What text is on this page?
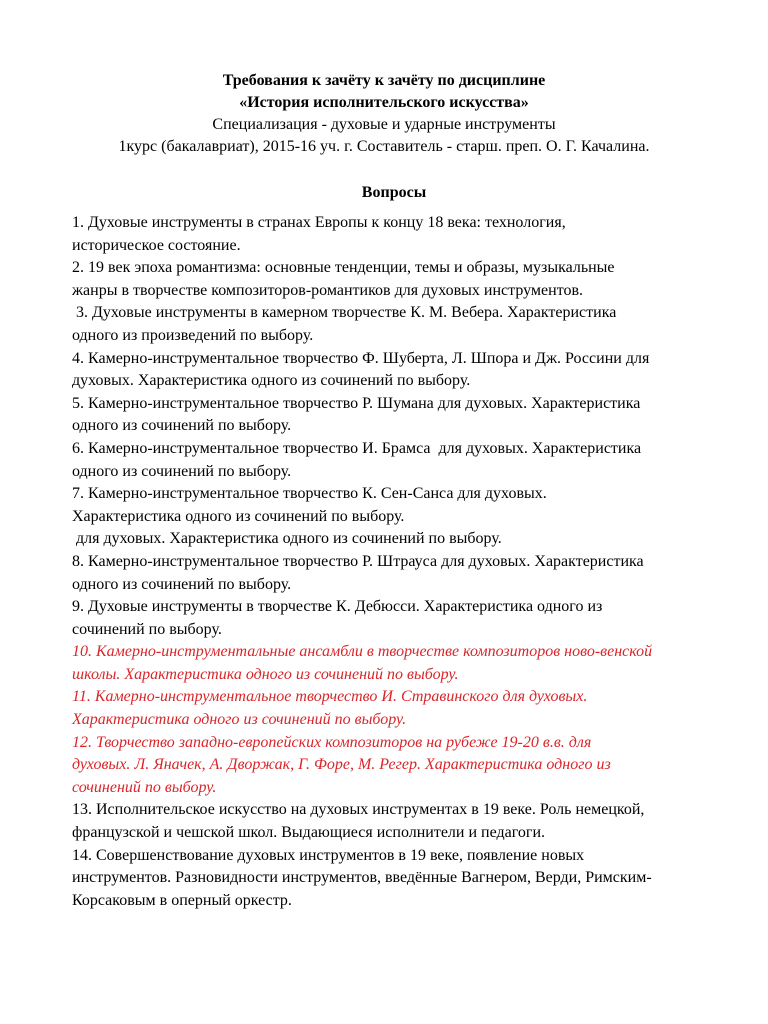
Требования к зачёту к зачёту по дисциплине
«История исполнительского искусства»
Специализация - духовые и ударные инструменты
1курс (бакалавриат), 2015-16 уч. г. Составитель - старш. преп. О. Г. Качалина.
Вопросы
1. Духовые инструменты в странах Европы к концу 18 века: технология,
историческое состояние.
2. 19 век эпоха романтизма: основные тенденции, темы и образы, музыкальные
жанры в творчестве композиторов-романтиков для духовых инструментов.
3. Духовые инструменты в камерном творчестве К. М. Вебера. Характеристика
одного из произведений по выбору.
4. Камерно-инструментальное творчество Ф. Шуберта, Л. Шпора и Дж. Россини для
духовых. Характеристика одного из сочинений по выбору.
5. Камерно-инструментальное творчество Р. Шумана для духовых. Характеристика
одного из сочинений по выбору.
6. Камерно-инструментальное творчество И. Брамса  для духовых. Характеристика
одного из сочинений по выбору.
7. Камерно-инструментальное творчество К. Сен-Санса для духовых.
Характеристика одного из сочинений по выбору.
для духовых. Характеристика одного из сочинений по выбору.
8. Камерно-инструментальное творчество Р. Штрауса для духовых. Характеристика
одного из сочинений по выбору.
9. Духовые инструменты в творчестве К. Дебюсси. Характеристика одного из
сочинений по выбору.
10. Камерно-инструментальные ансамбли в творчестве композиторов ново-венской
школы. Характеристика одного из сочинений по выбору.
11. Камерно-инструментальное творчество И. Стравинского для духовых.
Характеристика одного из сочинений по выбору.
12. Творчество западно-европейских композиторов на рубеже 19-20 в.в. для
духовых. Л. Яначек, А. Дворжак, Г. Форе, М. Регер. Характеристика одного из
сочинений по выбору.
13. Исполнительское искусство на духовых инструментах в 19 веке. Роль немецкой,
французской и чешской школ. Выдающиеся исполнители и педагоги.
14. Совершенствование духовых инструментов в 19 веке, появление новых
инструментов. Разновидности инструментов, введённые Вагнером, Верди, Римским-
Корсаковым в оперный оркестр.
